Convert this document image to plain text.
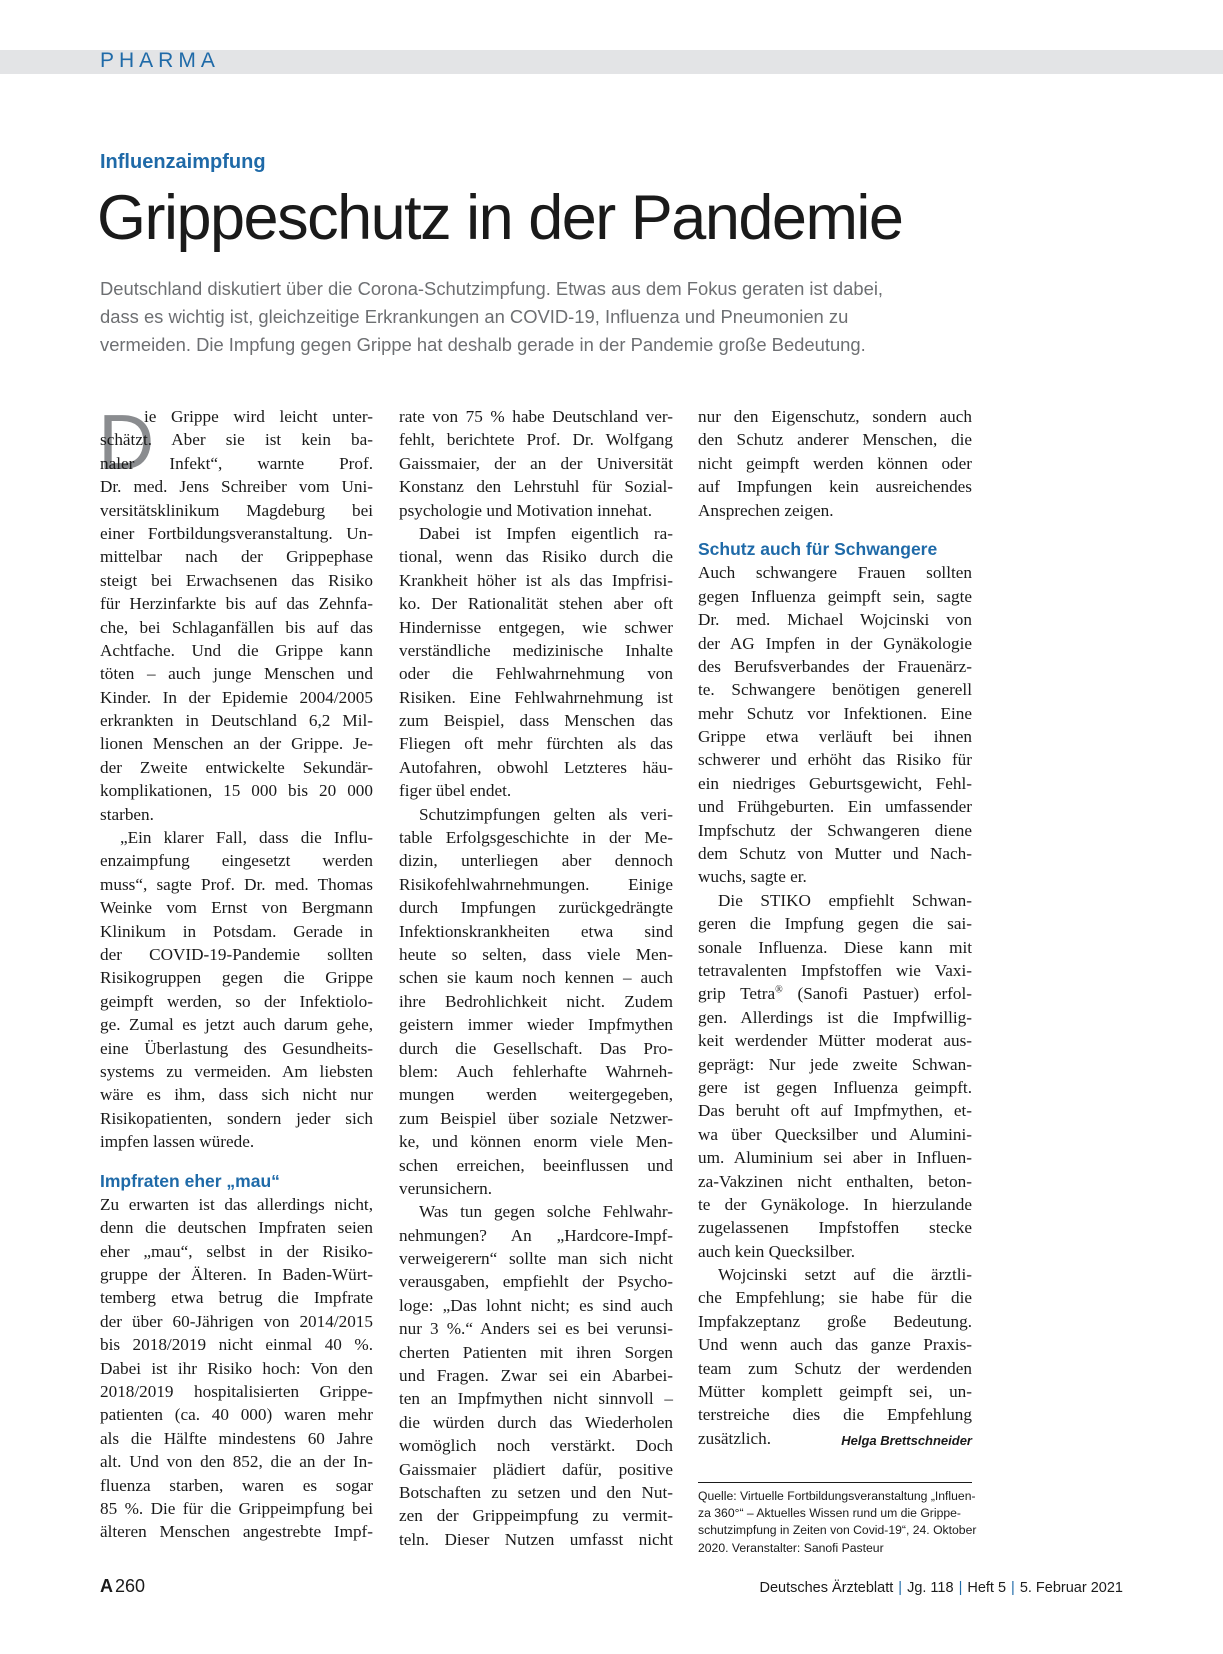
PHARMA
Influenzaimpfung
Grippeschutz in der Pandemie
Deutschland diskutiert über die Corona-Schutzimpfung. Etwas aus dem Fokus geraten ist dabei,
dass es wichtig ist, gleichzeitige Erkrankungen an COVID-19, Influenza und Pneumonien zu
vermeiden. Die Impfung gegen Grippe hat deshalb gerade in der Pandemie große Bedeutung.
D
ie Grippe wird leicht unter-
schätzt. Aber sie ist kein ba-
naler Infekt“, warnte Prof.
Dr. med. Jens Schreiber vom Uni-
versitätsklinikum Magdeburg bei
einer Fortbildungsveranstaltung. Un-
mittelbar nach der Grippephase
steigt bei Erwachsenen das Risiko
für Herzinfarkte bis auf das Zehnfa-
che, bei Schlaganfällen bis auf das
Achtfache. Und die Grippe kann
töten – auch junge Menschen und
Kinder. In der Epidemie 2004/2005
erkrankten in Deutschland 6,2 Mil-
lionen Menschen an der Grippe. Je-
der Zweite entwickelte Sekundär-
komplikationen, 15 000 bis 20 000
starben.
„Ein klarer Fall, dass die Influ-
enzaimpfung eingesetzt werden
muss“, sagte Prof. Dr. med. Thomas
Weinke vom Ernst von Bergmann
Klinikum in Potsdam. Gerade in
der COVID-19-Pandemie sollten
Risikogruppen gegen die Grippe
geimpft werden, so der Infektiolo-
ge. Zumal es jetzt auch darum gehe,
eine Überlastung des Gesundheits-
systems zu vermeiden. Am liebsten
wäre es ihm, dass sich nicht nur
Risikopatienten, sondern jeder sich
impfen lassen würede.
Impfraten eher „mau“
Zu erwarten ist das allerdings nicht,
denn die deutschen Impfraten seien
eher „mau“, selbst in der Risiko-
gruppe der Älteren. In Baden-Würt-
temberg etwa betrug die Impfrate
der über 60-Jährigen von 2014/2015
bis 2018/2019 nicht einmal 40 %.
Dabei ist ihr Risiko hoch: Von den
2018/2019 hospitalisierten Grippe-
patienten (ca. 40 000) waren mehr
als die Hälfte mindestens 60 Jahre
alt. Und von den 852, die an der In-
fluenza starben, waren es sogar
85 %. Die für die Grippeimpfung bei
älteren Menschen angestrebte Impf-
rate von 75 % habe Deutschland ver-
fehlt, berichtete Prof. Dr. Wolfgang
Gaissmaier, der an der Universität
Konstanz den Lehrstuhl für Sozial-
psychologie und Motivation innehat.
Dabei ist Impfen eigentlich ra-
tional, wenn das Risiko durch die
Krankheit höher ist als das Impfrisi-
ko. Der Rationalität stehen aber oft
Hindernisse entgegen, wie schwer
verständliche medizinische Inhalte
oder die Fehlwahrnehmung von
Risiken. Eine Fehlwahrnehmung ist
zum Beispiel, dass Menschen das
Fliegen oft mehr fürchten als das
Autofahren, obwohl Letzteres häu-
figer übel endet.
Schutzimpfungen gelten als veri-
table Erfolgsgeschichte in der Me-
dizin, unterliegen aber dennoch
Risikofehlwahrnehmungen. Einige
durch Impfungen zurückgedrängte
Infektionskrankheiten etwa sind
heute so selten, dass viele Men-
schen sie kaum noch kennen – auch
ihre Bedrohlichkeit nicht. Zudem
geistern immer wieder Impfmythen
durch die Gesellschaft. Das Pro-
blem: Auch fehlerhafte Wahrneh-
mungen werden weitergegeben,
zum Beispiel über soziale Netzwer-
ke, und können enorm viele Men-
schen erreichen, beeinflussen und
verunsichern.
Was tun gegen solche Fehlwahr-
nehmungen? An „Hardcore-Impf-
verweigerern“ sollte man sich nicht
verausgaben, empfiehlt der Psycho-
loge: „Das lohnt nicht; es sind auch
nur 3 %.“ Anders sei es bei verunsi-
cherten Patienten mit ihren Sorgen
und Fragen. Zwar sei ein Abarbei-
ten an Impfmythen nicht sinnvoll –
die würden durch das Wiederholen
womöglich noch verstärkt. Doch
Gaissmaier plädiert dafür, positive
Botschaften zu setzen und den Nut-
zen der Grippeimpfung zu vermit-
teln. Dieser Nutzen umfasst nicht
nur den Eigenschutz, sondern auch
den Schutz anderer Menschen, die
nicht geimpft werden können oder
auf Impfungen kein ausreichendes
Ansprechen zeigen.
Schutz auch für Schwangere
Auch schwangere Frauen sollten
gegen Influenza geimpft sein, sagte
Dr. med. Michael Wojcinski von
der AG Impfen in der Gynäkologie
des Berufsverbandes der Frauenärz-
te. Schwangere benötigen generell
mehr Schutz vor Infektionen. Eine
Grippe etwa verläuft bei ihnen
schwerer und erhöht das Risiko für
ein niedriges Geburtsgewicht, Fehl-
und Frühgeburten. Ein umfassender
Impfschutz der Schwangeren diene
dem Schutz von Mutter und Nach-
wuchs, sagte er.
Die STIKO empfiehlt Schwan-
geren die Impfung gegen die sai-
sonale Influenza. Diese kann mit
tetravalenten Impfstoffen wie Vaxi-
grip Tetra® (Sanofi Pastuer) erfol-
gen. Allerdings ist die Impfwillig-
keit werdender Mütter moderat aus-
geprägt: Nur jede zweite Schwan-
gere ist gegen Influenza geimpft.
Das beruht oft auf Impfmythen, et-
wa über Quecksilber und Alumini-
um. Aluminium sei aber in Influen-
za-Vakzinen nicht enthalten, beton-
te der Gynäkologe. In hierzulande
zugelassenen Impfstoffen stecke
auch kein Quecksilber.
Wojcinski setzt auf die ärztli-
che Empfehlung; sie habe für die
Impfakzeptanz große Bedeutung.
Und wenn auch das ganze Praxis-
team zum Schutz der werdenden
Mütter komplett geimpft sei, un-
terstreiche dies die Empfehlung
zusätzlich.	Helga Brettschneider
Quelle: Virtuelle Fortbildungsveranstaltung „Influen-
za 360°“ – Aktuelles Wissen rund um die Grippe-
schutzimpfung in Zeiten von Covid-19“, 24. Oktober
2020. Veranstalter: Sanofi Pasteur
A 260	Deutsches Ärzteblatt | Jg. 118 | Heft 5 | 5. Februar 2021
